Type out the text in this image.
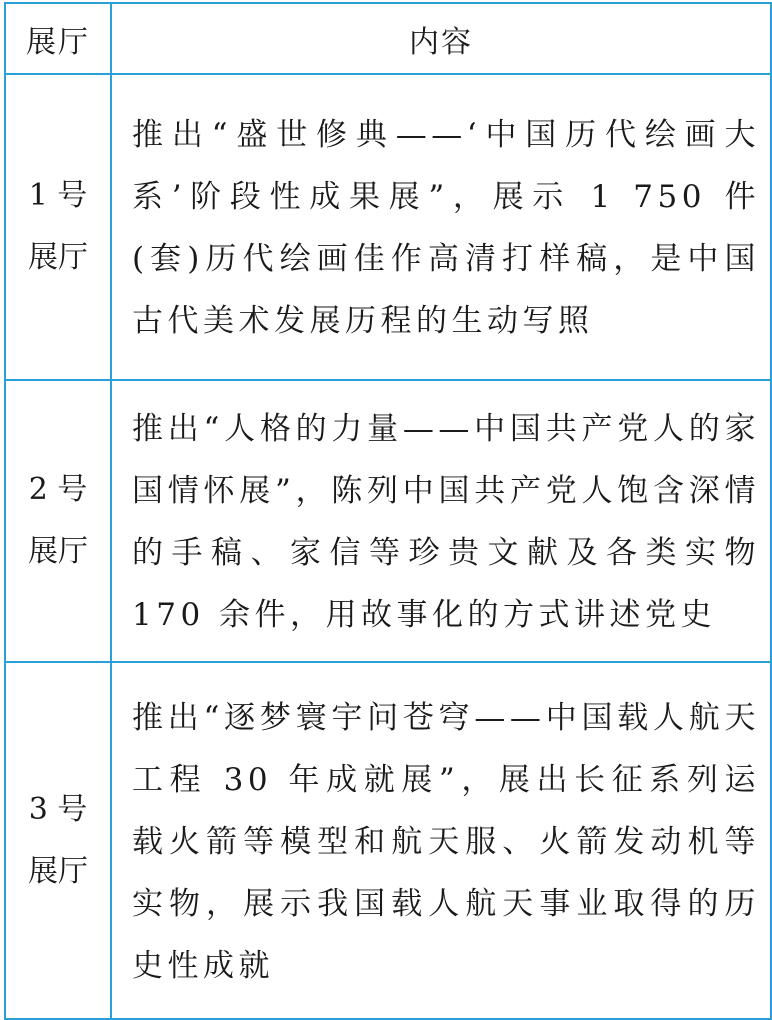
展厅	内容

1 号
展厅	推出“盛世修典——‘中国历代绘画大系’阶段性成果展”，展示 1 750 件(套)历代绘画佳作高清打样稿，是中国古代美术发展历程的生动写照

2 号
展厅	推出“人格的力量——中国共产党人的家国情怀展”，陈列中国共产党人饱含深情的手稿、家信等珍贵文献及各类实物 170 余件，用故事化的方式讲述党史

3 号
展厅	推出“逐梦寰宇问苍穹——中国载人航天工程 30 年成就展”，展出长征系列运载火箭等模型和航天服、火箭发动机等实物，展示我国载人航天事业取得的历史性成就
